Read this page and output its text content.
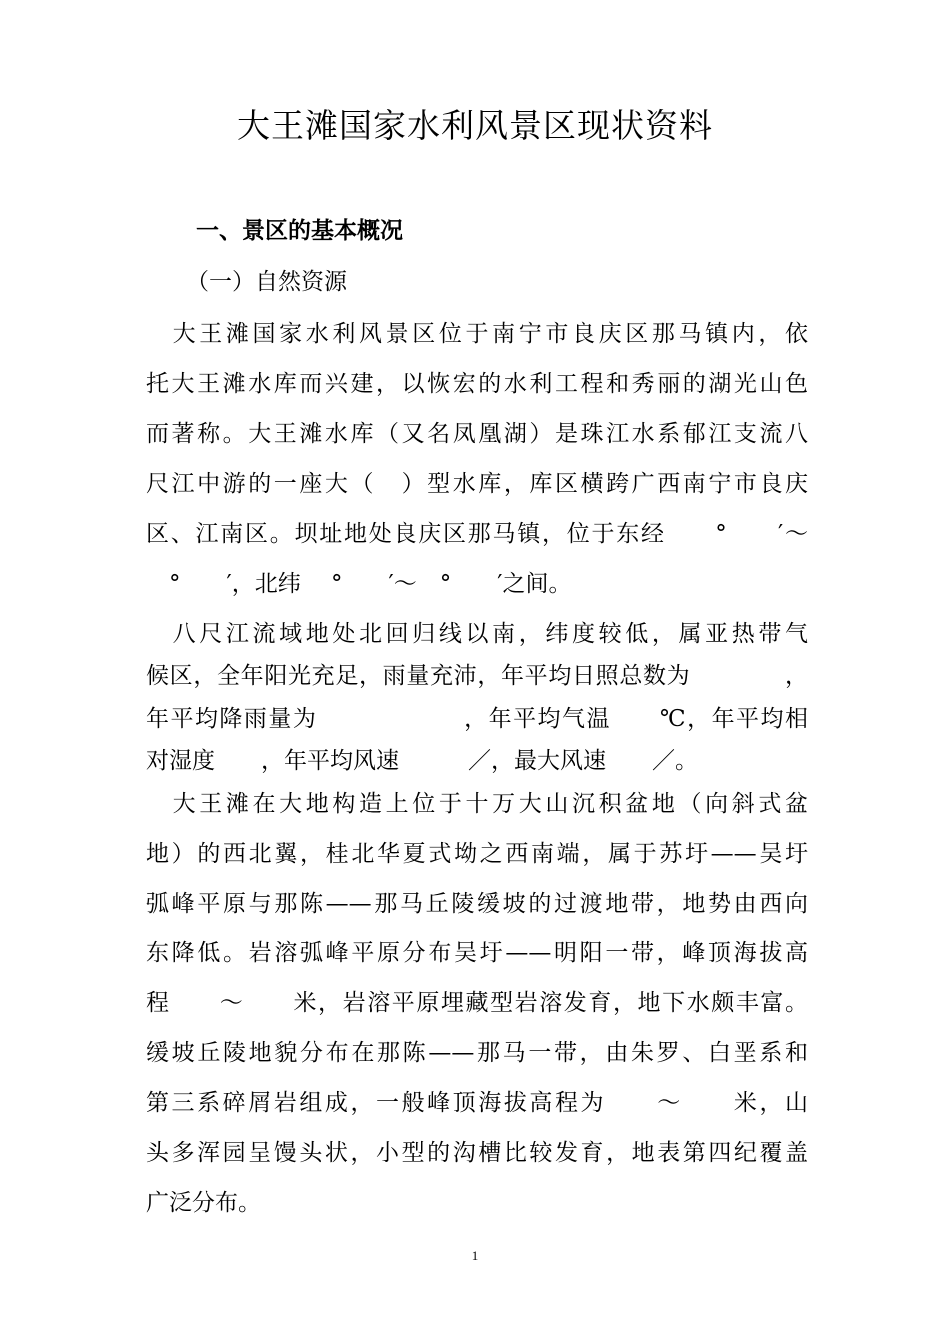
大王滩国家水利风景区现状资料
一、景区的基本概况
（一）自然资源
　大王滩国家水利风景区位于南宁市良庆区那马镇内，依
托大王滩水库而兴建，以恢宏的水利工程和秀丽的湖光山色
而著称。大王滩水库（又名凤凰湖）是珠江水系郁江支流八
尺江中游的一座大（　）型水库，库区横跨广西南宁市良庆
区、江南区。坝址地处良庆区那马镇，位于东经　　°　　′～
　°　　′，北纬　 °　　′～　°　　′之间。
　八尺江流域地处北回归线以南，纬度较低，属亚热带气
候区，全年阳光充足，雨量充沛，年平均日照总数为　　　　，
年平均降雨量为　　　　　　，年平均气温　　℃，年平均相
对湿度　　，年平均风速　　　／，最大风速　　／。
　大王滩在大地构造上位于十万大山沉积盆地（向斜式盆
地）的西北翼，桂北华夏式坳之西南端，属于苏圩——吴圩
弧峰平原与那陈——那马丘陵缓坡的过渡地带，地势由西向
东降低。岩溶弧峰平原分布吴圩——明阳一带，峰顶海拔高
程　　～　　米，岩溶平原埋藏型岩溶发育，地下水颇丰富。
缓坡丘陵地貌分布在那陈——那马一带，由朱罗、白垩系和
第三系碎屑岩组成，一般峰顶海拔高程为　　～　　米，山
头多浑园呈馒头状，小型的沟槽比较发育，地表第四纪覆盖
广泛分布。
1
